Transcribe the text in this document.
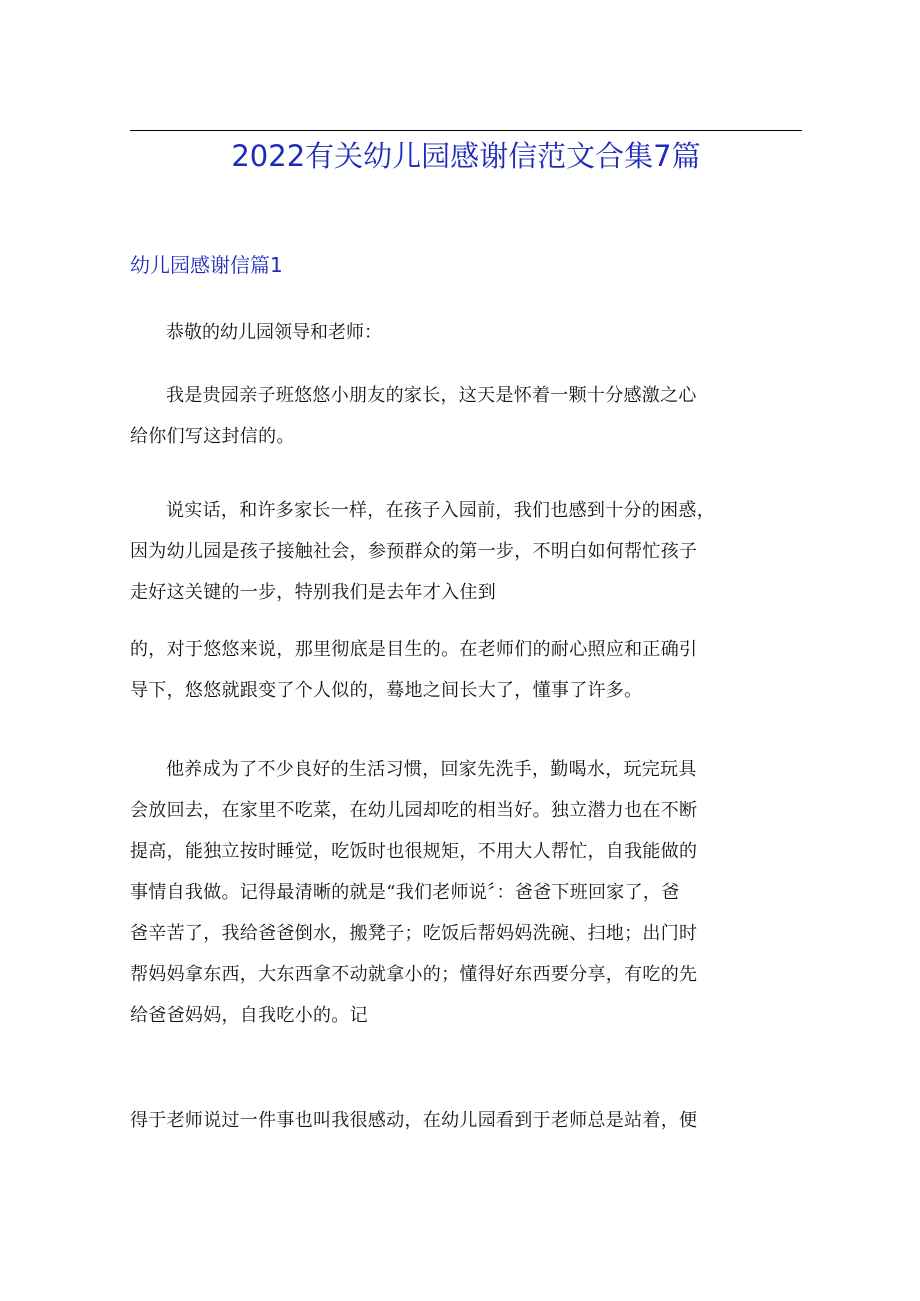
2022有关幼儿园感谢信范文合集7篇
幼儿园感谢信篇1

恭敬的幼儿园领导和老师：

我是贵园亲子班悠悠小朋友的家长，这天是怀着一颗十分感激之心
给你们写这封信的。

说实话，和许多家长一样，在孩子入园前，我们也感到十分的困惑，
因为幼儿园是孩子接触社会，参预群众的第一步，不明白如何帮忙孩子
走好这关键的一步，特别我们是去年才入住到

的，对于悠悠来说，那里彻底是目生的。在老师们的耐心照应和正确引
导下，悠悠就跟变了个人似的，蓦地之间长大了，懂事了许多。

他养成为了不少良好的生活习惯，回家先洗手，勤喝水，玩完玩具
会放回去，在家里不吃菜，在幼儿园却吃的相当好。独立潜力也在不断
提高，能独立按时睡觉，吃饭时也很规矩，不用大人帮忙，自我能做的
事情自我做。记得最清晰的就是“我们老师说〞：爸爸下班回家了，爸
爸辛苦了，我给爸爸倒水，搬凳子；吃饭后帮妈妈洗碗、扫地；出门时
帮妈妈拿东西，大东西拿不动就拿小的；懂得好东西要分享，有吃的先
给爸爸妈妈，自我吃小的。记

得于老师说过一件事也叫我很感动，在幼儿园看到于老师总是站着，便
